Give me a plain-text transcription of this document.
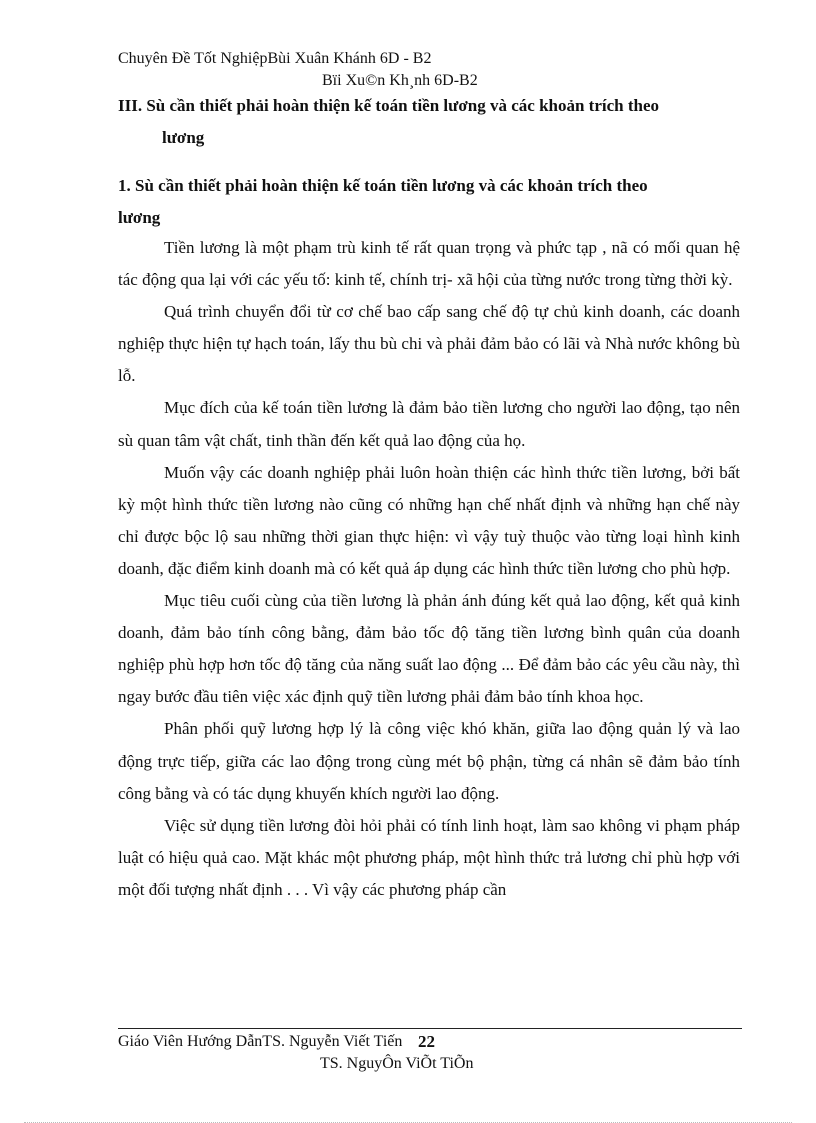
Chuyên Đề Tốt NghiệpBùi Xuân Khánh 6D - B2
Bïi Xu©n Kh¸nh 6D-B2
III. Sù cần thiết phải hoàn thiện kế toán tiền lương và các khoản trích theo
lương
1. Sù cần thiết phải hoàn thiện kế toán tiền lương và các khoản trích theo
lương

Tiền lương là một phạm trù kinh tế rất quan trọng và phức tạp , nã có mối quan hệ tác động qua lại với các yếu tố: kinh tế, chính trị- xã hội của từng nước trong từng thời kỳ.

Quá trình chuyển đổi từ cơ chế bao cấp sang chế độ tự chủ kinh doanh, các doanh nghiệp thực hiện tự hạch toán, lấy thu bù chi và phải đảm bảo có lãi và Nhà nước không bù lỗ.

Mục đích của kế toán tiền lương là đảm bảo tiền lương cho người lao động, tạo nên sù quan tâm vật chất, tinh thần đến kết quả lao động của họ.

Muốn vậy các doanh nghiệp phải luôn hoàn thiện các hình thức tiền lương, bởi bất kỳ một hình thức tiền lương nào cũng có những hạn chế nhất định và những hạn chế này chỉ được bộc lộ sau những thời gian thực hiện: vì vậy tuỳ thuộc vào từng loại hình kinh doanh, đặc điểm kinh doanh mà có kết quả áp dụng các hình thức tiền lương cho phù hợp.

Mục tiêu cuối cùng của tiền lương là phản ánh đúng kết quả lao động, kết quả kinh doanh, đảm bảo tính công bằng, đảm bảo tốc độ tăng tiền lương bình quân của doanh nghiệp phù hợp hơn tốc độ tăng của năng suất lao động ... Để đảm bảo các yêu cầu này, thì ngay bước đầu tiên việc xác định quỹ tiền lương phải đảm bảo tính khoa học.

Phân phối quỹ lương hợp lý là công việc khó khăn, giữa lao động quản lý và lao động trực tiếp, giữa các lao động trong cùng mét bộ phận, từng cá nhân sẽ đảm bảo tính công bằng và có tác dụng khuyến khích người lao động.

Việc sử dụng tiền lương đòi hỏi phải có tính linh hoạt, làm sao không vi phạm pháp luật có hiệu quả cao. Mặt khác một phương pháp, một hình thức trả lương chỉ phù hợp với một đối tượng nhất định . . . Vì vậy các phương pháp cần

Giáo Viên Hướng DẫnTS. Nguyễn Viết Tiến 22
TS. NguyÔn ViÕt TiÕn
